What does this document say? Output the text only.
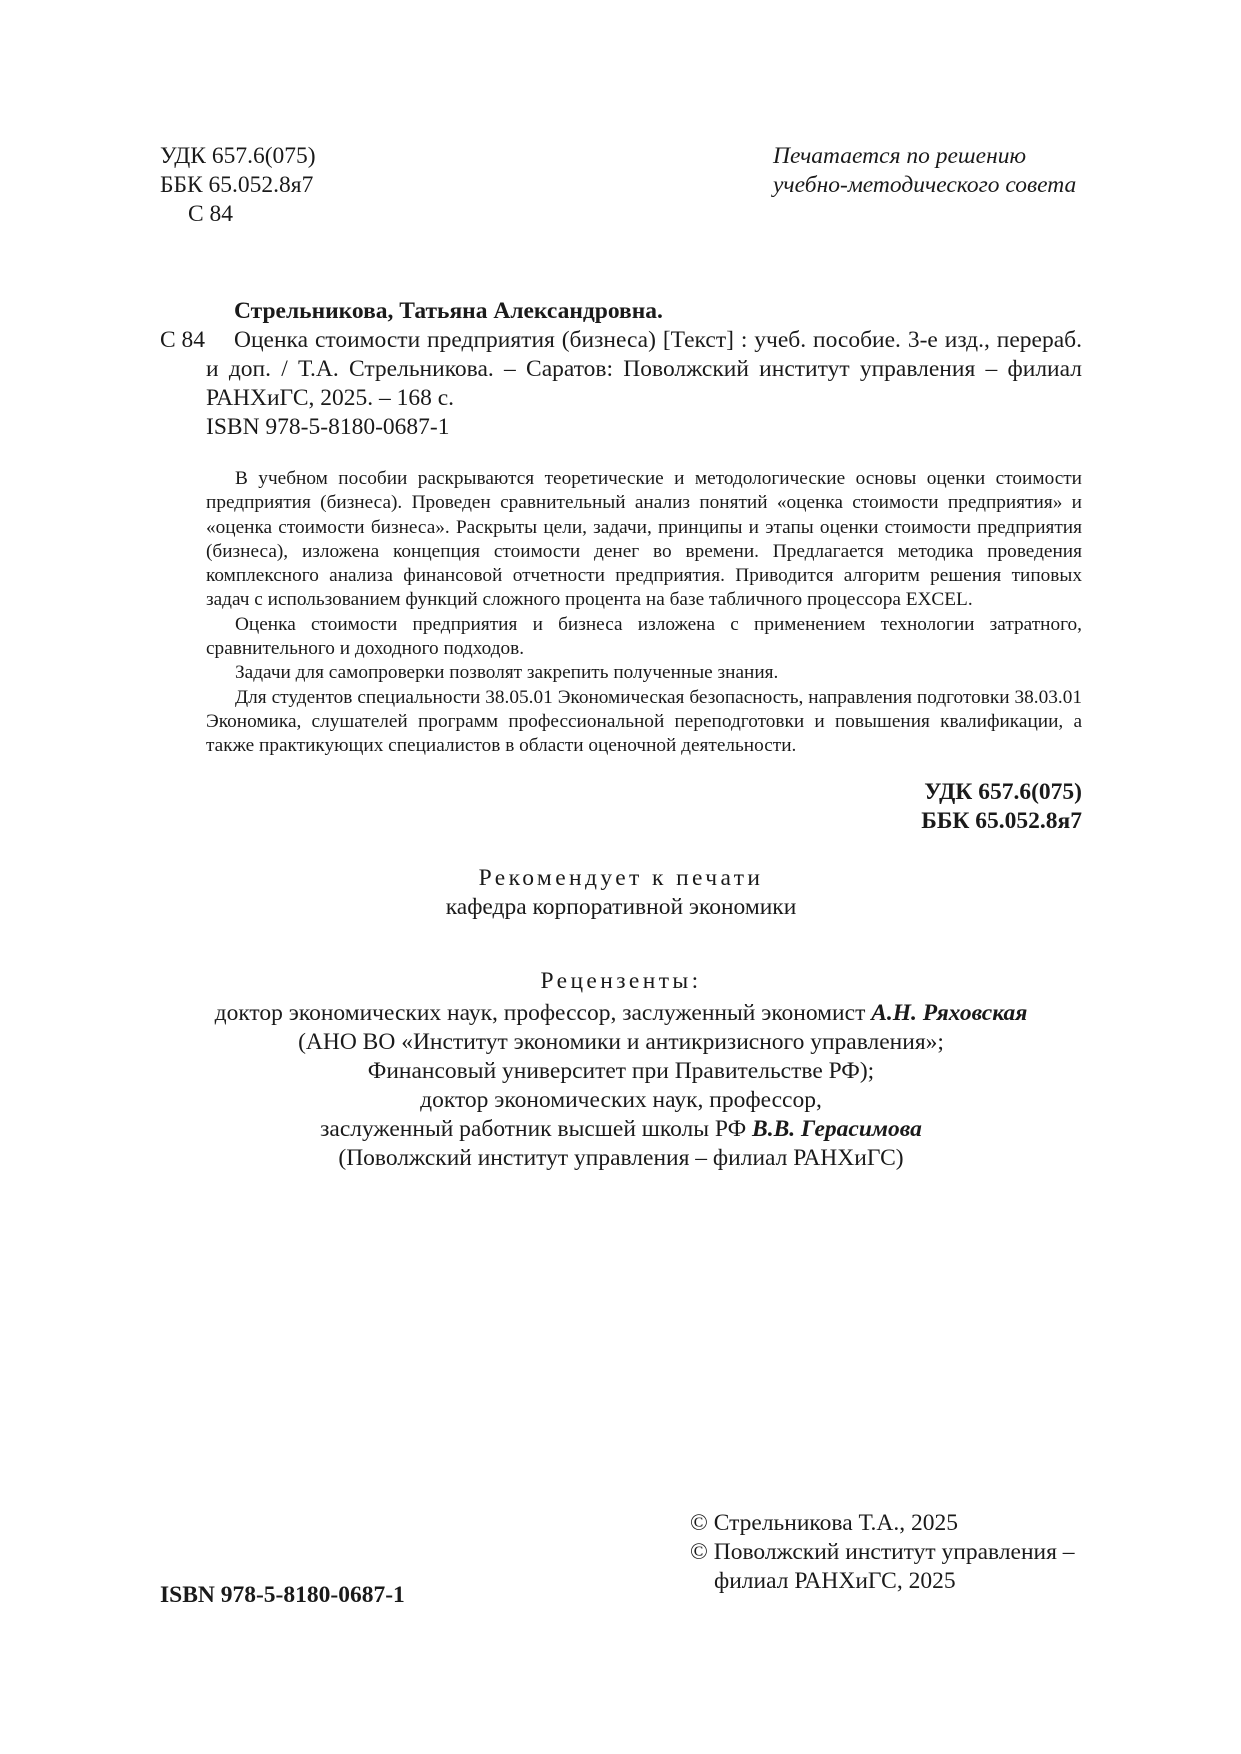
УДК 657.6(075)
ББК 65.052.8я7
С 84
Печатается по решению
учебно-методического совета
Стрельникова, Татьяна Александровна.
С 84	Оценка стоимости предприятия (бизнеса) [Текст] : учеб. пособие. 3-е изд., перераб.
и доп. / Т.А. Стрельникова. – Саратов: Поволжский институт управления – филиал
РАНХиГС, 2025. – 168 с.
ISBN 978-5-8180-0687-1

В учебном пособии раскрываются теоретические и методологические основы оценки стоимости предприятия (бизнеса). Проведен сравнительный анализ понятий «оценка стоимости предприятия» и «оценка стоимости бизнеса». Раскрыты цели, задачи, принципы и этапы оценки стоимости предприятия (бизнеса), изложена концепция стоимости денег во времени. Предлагается методика проведения комплексного анализа финансовой отчетности предприятия. Приводится алгоритм решения типовых задач с использованием функций сложного процента на базе табличного процессора EXCEL.

Оценка стоимости предприятия и бизнеса изложена с применением технологии затратного, сравнительного и доходного подходов.

Задачи для самопроверки позволят закрепить полученные знания.

Для студентов специальности 38.05.01 Экономическая безопасность, направления подготовки 38.03.01 Экономика, слушателей программ профессиональной переподготовки и повышения квалификации, а также практикующих специалистов в области оценочной деятельности.

УДК 657.6(075)
ББК 65.052.8я7
Рекомендует к печати
кафедра корпоративной экономики
Рецензенты:
доктор экономических наук, профессор, заслуженный экономист А.Н. Ряховская
(АНО ВО «Институт экономики и антикризисного управления»;
Финансовый университет при Правительстве РФ);
доктор экономических наук, профессор,
заслуженный работник высшей школы РФ В.В. Герасимова
(Поволжский институт управления – филиал РАНХиГС)
ISBN 978-5-8180-0687-1
© Стрельникова Т.А., 2025
© Поволжский институт управления –
филиал РАНХиГС, 2025
